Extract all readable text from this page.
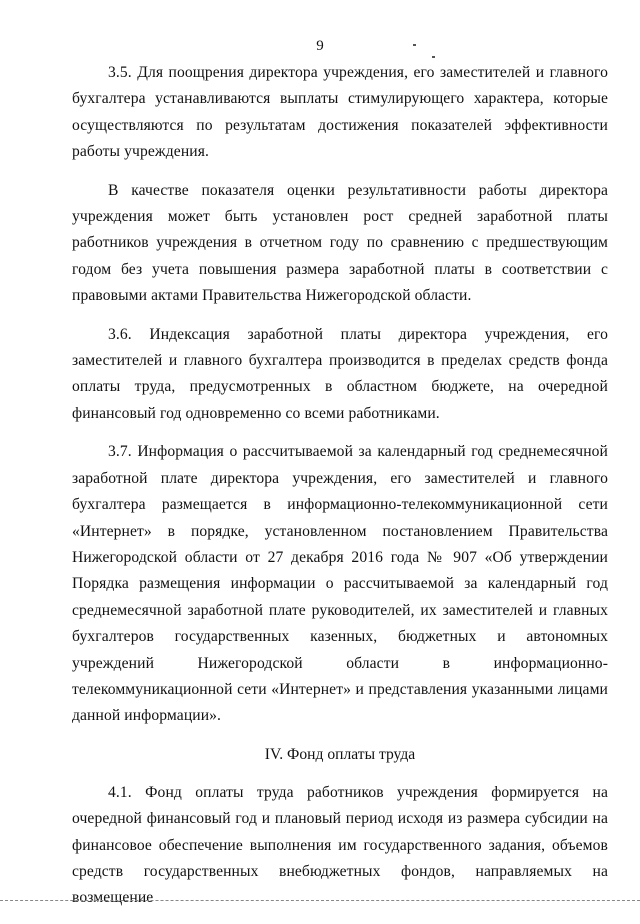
9

3.5. Для поощрения директора учреждения, его заместителей и главного бухгалтера устанавливаются выплаты стимулирующего характера, которые осуществляются по результатам достижения показателей эффективности работы учреждения.

В качестве показателя оценки результативности работы директора учреждения может быть установлен рост средней заработной платы работников учреждения в отчетном году по сравнению с предшествующим годом без учета повышения размера заработной платы в соответствии с правовыми актами Правительства Нижегородской области.

3.6. Индексация заработной платы директора учреждения, его заместителей и главного бухгалтера производится в пределах средств фонда оплаты труда, предусмотренных в областном бюджете, на очередной финансовый год одновременно со всеми работниками.

3.7. Информация о рассчитываемой за календарный год среднемесячной заработной плате директора учреждения, его заместителей и главного бухгалтера размещается в информационно-телекоммуникационной сети «Интернет» в порядке, установленном постановлением Правительства Нижегородской области от 27 декабря 2016 года № 907 «Об утверждении Порядка размещения информации о рассчитываемой за календарный год среднемесячной заработной плате руководителей, их заместителей и главных бухгалтеров государственных казенных, бюджетных и автономных учреждений Нижегородской области в информационно-телекоммуникационной сети «Интернет» и представления указанными лицами данной информации».

IV. Фонд оплаты труда

4.1. Фонд оплаты труда работников учреждения формируется на очередной финансовый год и плановый период исходя из размера субсидии на финансовое обеспечение выполнения им государственного задания, объемов средств государственных внебюджетных фондов, направляемых на возмещение
